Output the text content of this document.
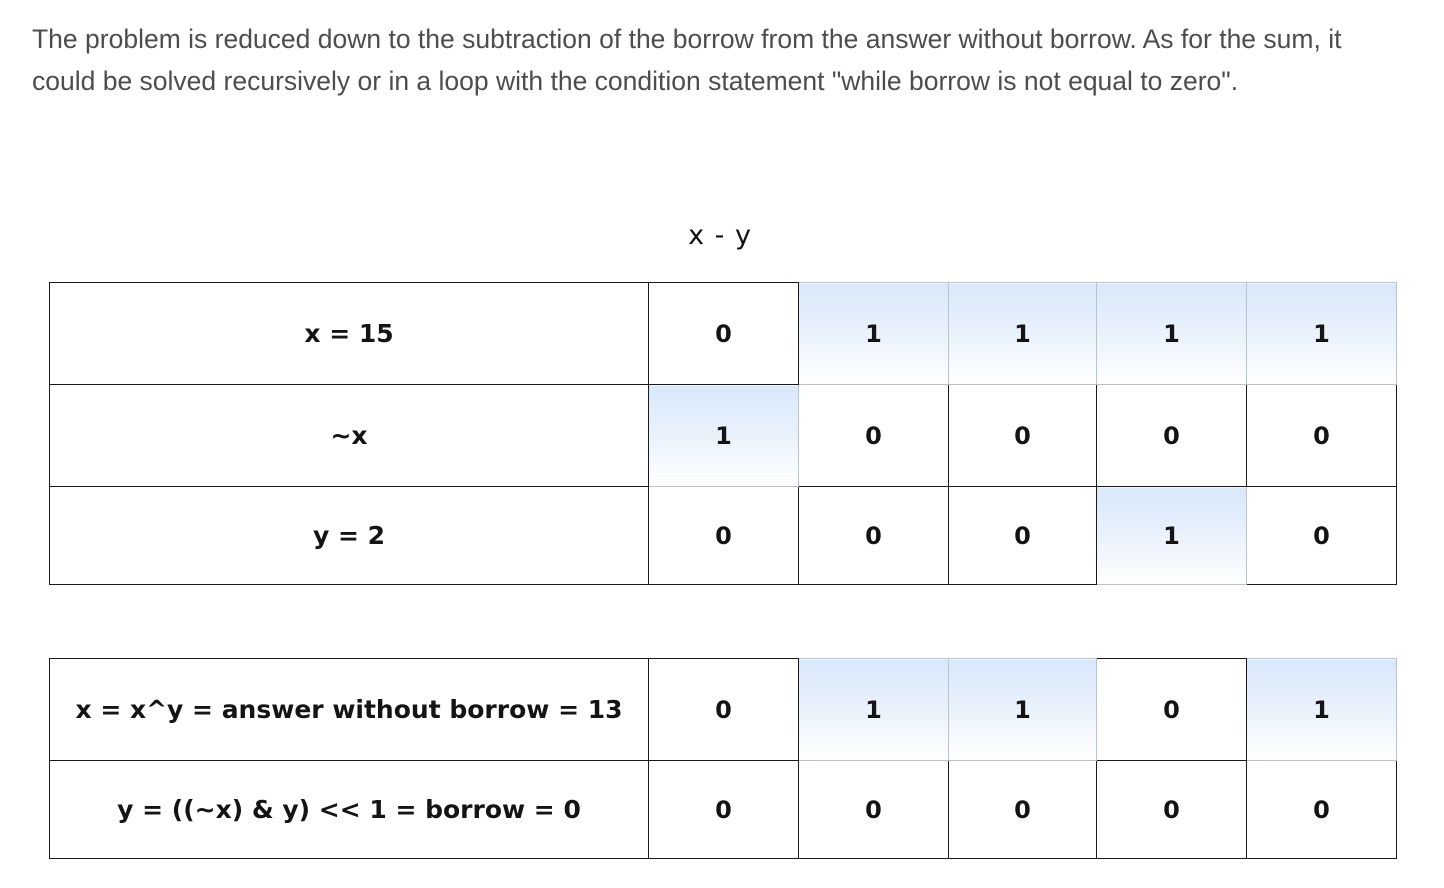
The problem is reduced down to the subtraction of the borrow from the answer without borrow. As for the sum, it could be solved recursively or in a loop with the condition statement "while borrow is not equal to zero".

x - y
x = 15	0	1	1	1	1
~x	1	0	0	0	0
y = 2	0	0	0	1	0
x = x^y = answer without borrow = 13	0	1	1	0	1
y = ((~x) & y) << 1 = borrow = 0	0	0	0	0	0
